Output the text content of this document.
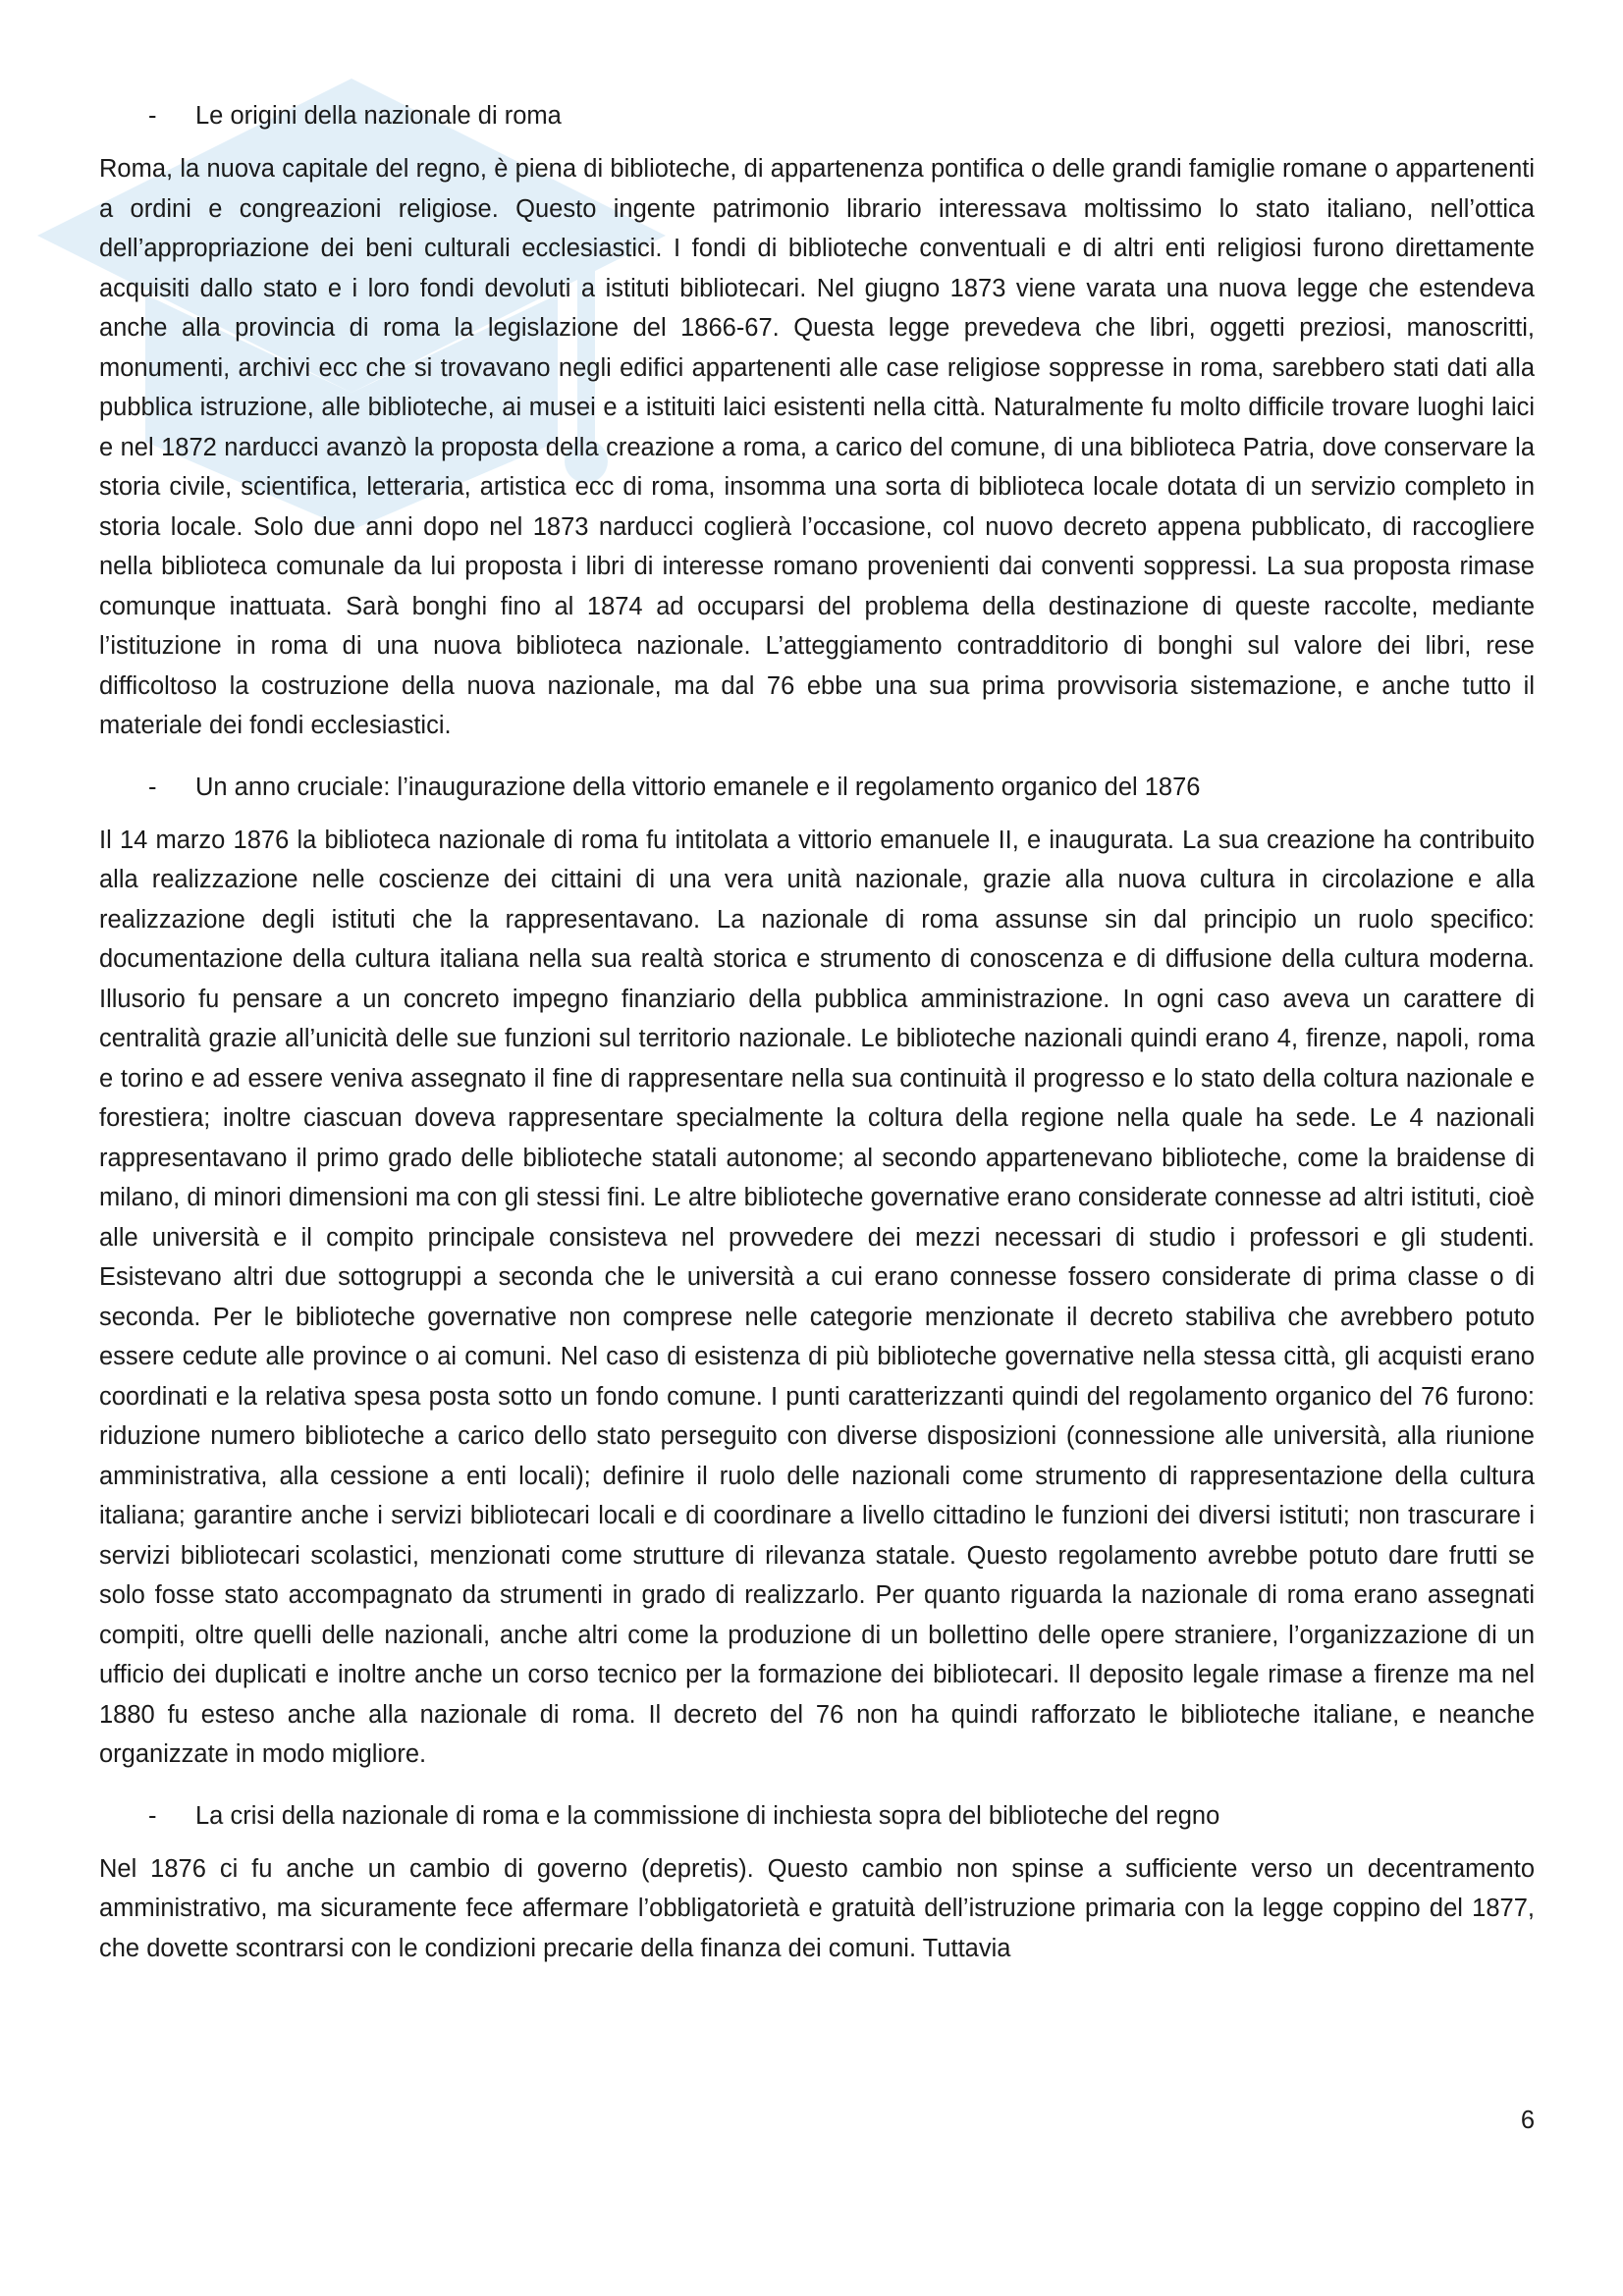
-	Le origini della nazionale di roma

Roma, la nuova capitale del regno, è piena di biblioteche, di appartenenza pontifica o delle grandi famiglie romane o appartenenti a ordini e congreazioni religiose. Questo ingente patrimonio librario interessava moltissimo lo stato italiano, nell’ottica dell’appropriazione dei beni culturali ecclesiastici. I fondi di biblioteche conventuali e di altri enti religiosi furono direttamente acquisiti dallo stato e i loro fondi devoluti a istituti bibliotecari. Nel giugno 1873 viene varata una nuova legge che estendeva anche alla provincia di roma la legislazione del 1866-67. Questa legge prevedeva che libri, oggetti preziosi, manoscritti, monumenti, archivi ecc che si trovavano negli edifici appartenenti alle case religiose soppresse in roma, sarebbero stati dati alla pubblica istruzione, alle biblioteche, ai musei e a istituiti laici esistenti nella città. Naturalmente fu molto difficile trovare luoghi laici e nel 1872 narducci avanzò la proposta della creazione a roma, a carico del comune, di una biblioteca Patria, dove conservare la storia civile, scientifica, letteraria, artistica ecc di roma, insomma una sorta di biblioteca locale dotata di un servizio completo in storia locale. Solo due anni dopo nel 1873 narducci coglierà l’occasione, col nuovo decreto appena pubblicato, di raccogliere nella biblioteca comunale da lui proposta i libri di interesse romano provenienti dai conventi soppressi. La sua proposta rimase comunque inattuata. Sarà bonghi fino al 1874 ad occuparsi del problema della destinazione di queste raccolte, mediante l’istituzione in roma di una nuova biblioteca nazionale. L’atteggiamento contradditorio di bonghi sul valore dei libri, rese difficoltoso la costruzione della nuova nazionale, ma dal 76 ebbe una sua prima provvisoria sistemazione, e anche tutto il materiale dei fondi ecclesiastici.

-	Un anno cruciale: l’inaugurazione della vittorio emanele e il regolamento organico del 1876

Il 14 marzo 1876 la biblioteca nazionale di roma fu intitolata a vittorio emanuele II, e inaugurata. La sua creazione ha contribuito alla realizzazione nelle coscienze dei cittaini di una vera unità nazionale, grazie alla nuova cultura in circolazione e alla realizzazione degli istituti che la rappresentavano. La nazionale di roma assunse sin dal principio un ruolo specifico: documentazione della cultura italiana nella sua realtà storica e strumento di conoscenza e di diffusione della cultura moderna. Illusorio fu pensare a un concreto impegno finanziario della pubblica amministrazione. In ogni caso aveva un carattere di centralità grazie all’unicità delle sue funzioni sul territorio nazionale. Le biblioteche nazionali quindi erano 4, firenze, napoli, roma e torino e ad essere veniva assegnato il fine di rappresentare nella sua continuità il progresso e lo stato della coltura nazionale e forestiera; inoltre ciascuan doveva rappresentare specialmente la coltura della regione nella quale ha sede. Le 4 nazionali rappresentavano il primo grado delle biblioteche statali autonome; al secondo appartenevano biblioteche, come la braidense di milano, di minori dimensioni ma con gli stessi fini. Le altre biblioteche governative erano considerate connesse ad altri istituti, cioè alle università e il compito principale consisteva nel provvedere dei mezzi necessari di studio i professori e gli studenti. Esistevano altri due sottogruppi a seconda che le università a cui erano connesse fossero considerate di prima classe o di seconda. Per le biblioteche governative non comprese nelle categorie menzionate il decreto stabiliva che avrebbero potuto essere cedute alle province o ai comuni. Nel caso di esistenza di più biblioteche governative nella stessa città, gli acquisti erano coordinati e la relativa spesa posta sotto un fondo comune. I punti caratterizzanti quindi del regolamento organico del 76 furono: riduzione numero biblioteche a carico dello stato perseguito con diverse disposizioni (connessione alle università, alla riunione amministrativa, alla cessione a enti locali); definire il ruolo delle nazionali come strumento di rappresentazione della cultura italiana; garantire anche i servizi bibliotecari locali e di coordinare a livello cittadino le funzioni dei diversi istituti; non trascurare i servizi bibliotecari scolastici, menzionati come strutture di rilevanza statale. Questo regolamento avrebbe potuto dare frutti se solo fosse stato accompagnato da strumenti in grado di realizzarlo. Per quanto riguarda la nazionale di roma erano assegnati compiti, oltre quelli delle nazionali, anche altri come la produzione di un bollettino delle opere straniere, l’organizzazione di un ufficio dei duplicati e inoltre anche un corso tecnico per la formazione dei bibliotecari. Il deposito legale rimase a firenze ma nel 1880 fu esteso anche alla nazionale di roma. Il decreto del 76 non ha quindi rafforzato le biblioteche italiane, e neanche organizzate in modo migliore.

-	La crisi della nazionale di roma e la commissione di inchiesta sopra del biblioteche del regno

Nel 1876 ci fu anche un cambio di governo (depretis). Questo cambio non spinse a sufficiente verso un decentramento amministrativo, ma sicuramente fece affermare l’obbligatorietà e gratuità dell’istruzione primaria con la legge coppino del 1877, che dovette scontrarsi con le condizioni precarie della finanza dei comuni. Tuttavia

6
